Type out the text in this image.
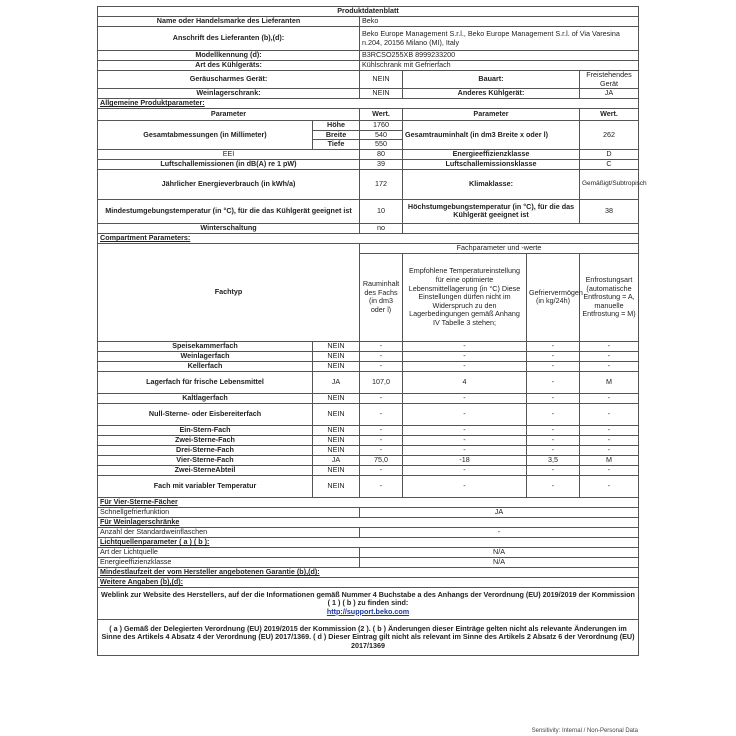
Produktdatenblatt					
Name oder Handelsmarke des Lieferanten		Beko			
Anschrift des Lieferanten (b),(d):		Beko Europe Management S.r.l., Beko Europe Management S.r.l. of Via Varesina n.204, 20156 Milano (MI), Italy			
Modellkennung (d):		B3RCSO255XB 8999233200			
Art des Kühlgeräts:		Kühlschrank mit Gefrierfach			
Geräuscharmes Gerät:		NEIN	Bauart:		Freistehendes Gerät
Weinlagerschrank:		NEIN	Anderes Kühlgerät:		JA
Allgemeine Produktparameter:					
Parameter		Wert.	Parameter		Wert.
Gesamtabmessungen (in Millimeter)	Höhe	1760	Gesamtrauminhalt (in dm3 Breite x oder l)		262
	Breite	540			
	Tiefe	550			
EEI		80	Energieeffizienzklasse		D
Luftschallemissionen (in dB(A) re 1 pW)		39	Luftschallemissionsklasse		C
Jährlicher Energieverbrauch (in kWh/a)		172	Klimaklasse:		Gemäßigt/Subtropisch
Mindestumgebungstemperatur (in °C), für die das Kühlgerät geeignet ist		10	Höchstumgebungstemperatur (in °C), für die das Kühlgerät geeignet ist		38
Winterschaltung		no			
Compartment Parameters:					
Fachtyp		Fachparameter und -werte			
		Rauminhalt des Fachs (in dm3 oder l)	Empfohlene Temperatureinstellung für eine optimierte Lebensmittellagerung (in °C) Diese Einstellungen dürfen nicht im Widerspruch zu den Lagerbedingungen gemäß Anhang IV Tabelle 3 stehen;	Gefriervermögen (in kg/24h)	Enfrostungsart (automatische Entfrostung = A, manuelle Entfrostung = M)
Speisekammerfach	NEIN	-	-	-	-
Weinlagerfach	NEIN	-	-	-	-
Kellerfach	NEIN	-	-	-	-
Lagerfach für frische Lebensmittel	JA	107,0	4	-	M
Kaltlagerfach	NEIN	-	-	-	-
Null-Sterne- oder Eisbereiterfach	NEIN	-	-	-	-
Ein-Stern-Fach	NEIN	-	-	-	-
Zwei-Sterne-Fach	NEIN	-	-	-	-
Drei-Sterne-Fach	NEIN	-	-	-	-
Vier-Sterne-Fach	JA	75,0	-18	3,5	M
Zwei-SterneAbteil	NEIN	-	-	-	-
Fach mit variabler Temperatur	NEIN	-	-	-	-
Für Vier-Sterne-Fächer					
Schnellgefrierfunktion		JA			
Für Weinlagerschränke					
Anzahl der Standardweinflaschen		-			
Lichtquellenparameter ( a ) ( b ):					
Art der Lichtquelle		N/A			
Energieeffizienzklasse		N/A			
Mindestlaufzeit der vom Hersteller angebotenen Garantie (b),(d):					
Weitere Angaben (b),(d):					

Weblink zur Website des Herstellers, auf der die Informationen gemäß Nummer 4 Buchstabe a des Anhangs der Verordnung (EU) 2019/2019 der Kommission ( 1 ) ( b ) zu finden sind:
http://support.beko.com					
( a ) Gemäß der Delegierten Verordnung (EU) 2019/2015 der Kommission (2 ). ( b ) Änderungen dieser Einträge gelten nicht als relevante Änderungen im Sinne des Artikels 4 Absatz 4 der Verordnung (EU) 2017/1369. ( d ) Dieser Eintrag gilt nicht als relevant im Sinne des Artikels 2 Absatz 6 der Verordnung (EU) 2017/1369					
Sensitivity: Internal / Non-Personal Data
